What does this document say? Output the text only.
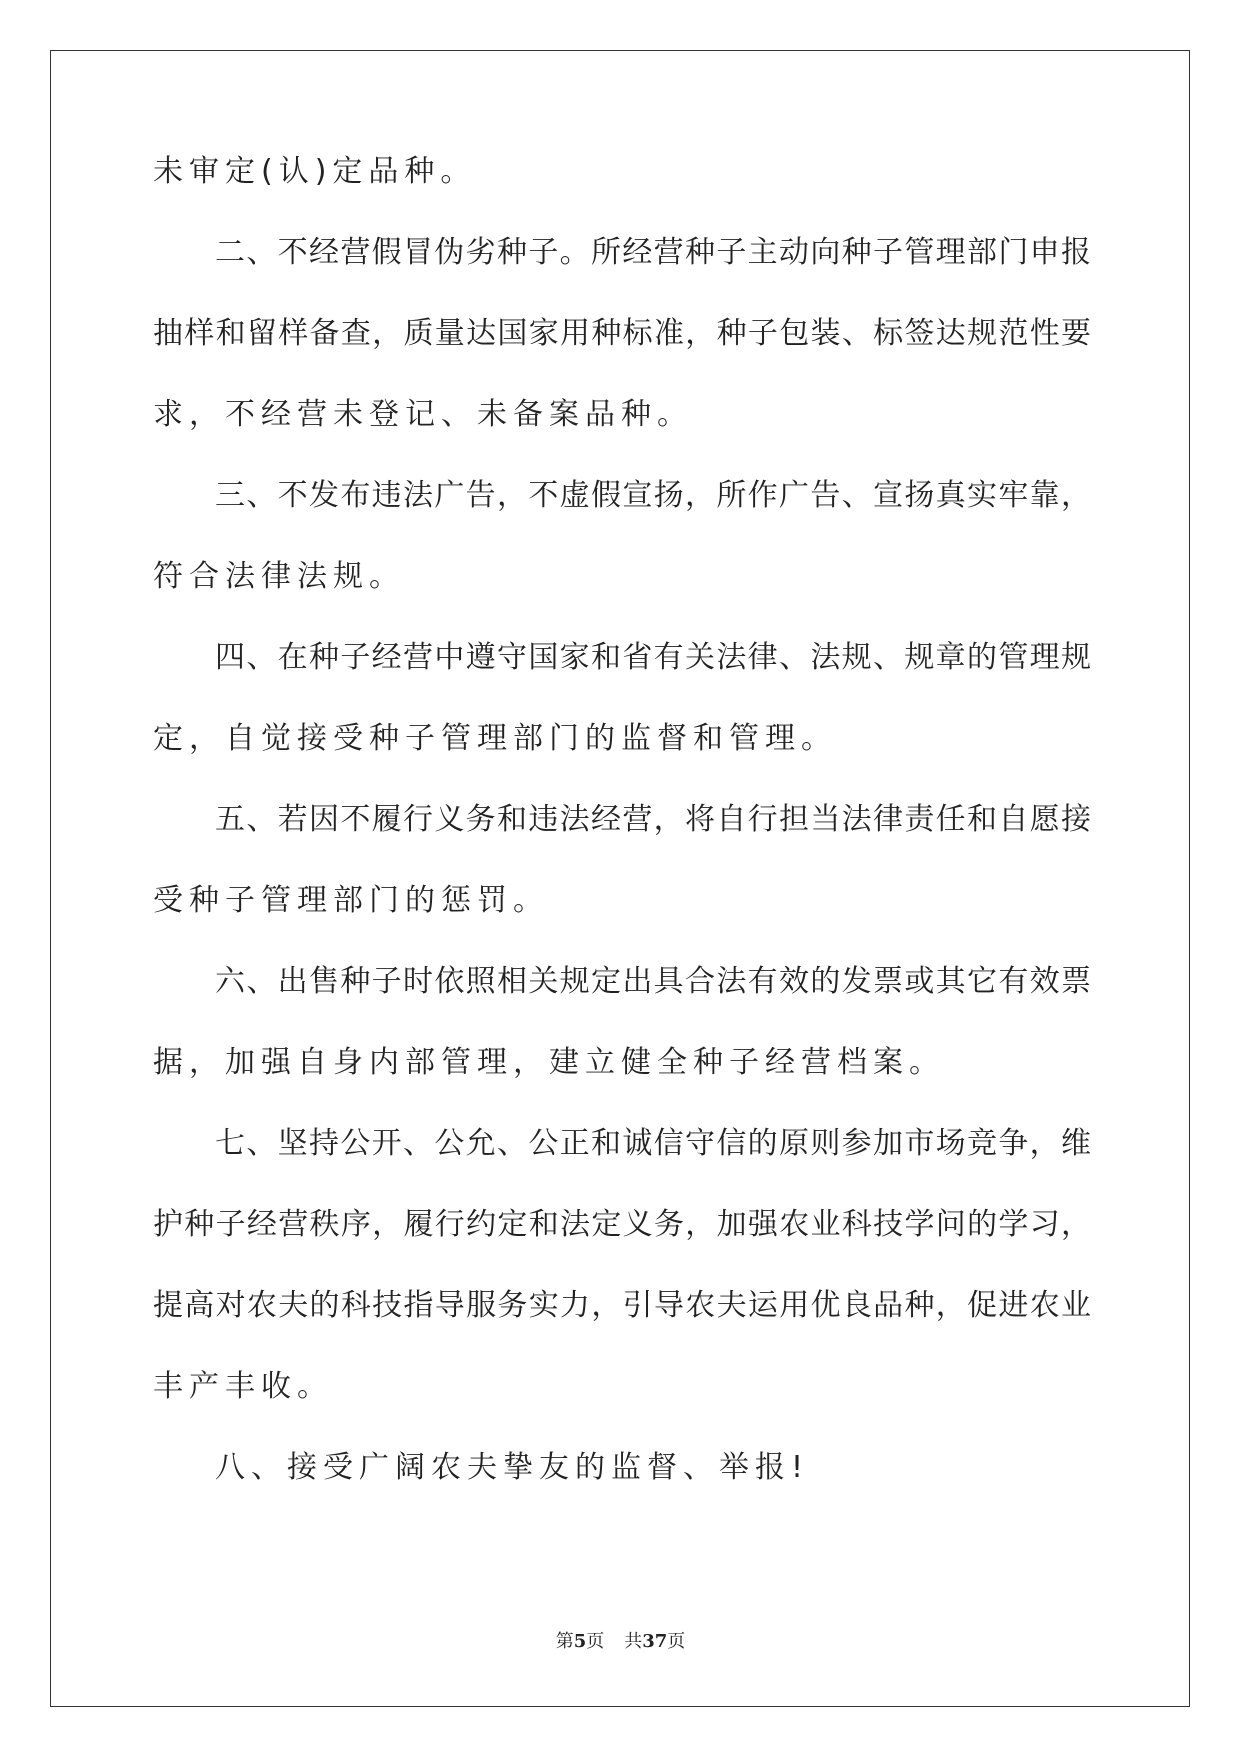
未审定(认)定品种。
二、不经营假冒伪劣种子。所经营种子主动向种子管理部门申报
抽样和留样备查，质量达国家用种标准，种子包装、标签达规范性要
求，不经营未登记、未备案品种。
三、不发布违法广告，不虚假宣扬，所作广告、宣扬真实牢靠，
符合法律法规。
四、在种子经营中遵守国家和省有关法律、法规、规章的管理规
定，自觉接受种子管理部门的监督和管理。
五、若因不履行义务和违法经营，将自行担当法律责任和自愿接
受种子管理部门的惩罚。
六、出售种子时依照相关规定出具合法有效的发票或其它有效票
据，加强自身内部管理，建立健全种子经营档案。
七、坚持公开、公允、公正和诚信守信的原则参加市场竞争，维
护种子经营秩序，履行约定和法定义务，加强农业科技学问的学习，
提高对农夫的科技指导服务实力，引导农夫运用优良品种，促进农业
丰产丰收。
八、接受广阔农夫挚友的监督、举报!
第5页 共37页
